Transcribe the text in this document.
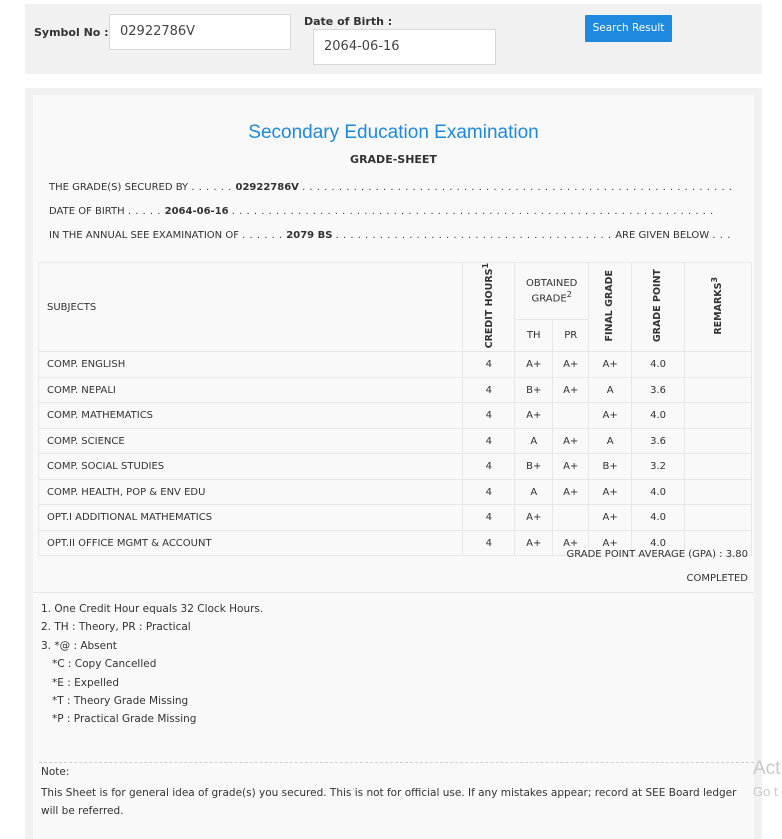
Symbol No : 02922786V
Date of Birth :
2064-06-16
Search Result
Secondary Education Examination
GRADE-SHEET
THE GRADE(S) SECURED BY . . . . . . 02922786V . . . . . . . . . . . . . . . . . . . . . . . . . . . . . . . . . . . . . . . . . . . . . . . . . . . . . . . . . . .
DATE OF BIRTH . . . . . 2064-06-16 . . . . . . . . . . . . . . . . . . . . . . . . . . . . . . . . . . . . . . . . . . . . . . . . . . . . . . . . . . . . . . . . . .
IN THE ANNUAL SEE EXAMINATION OF . . . . . . 2079 BS . . . . . . . . . . . . . . . . . . . . . . . . . . . . . . . . . . . . . . ARE GIVEN BELOW . . .
SUBJECTS	CREDIT HOURS$^1$	OBTAINED GRADE$^2$		FINAL GRADE	GRADE POINT	REMARKS$^3$
		TH	PR			
COMP. ENGLISH	4	A+	A+	A+	4.0	
COMP. NEPALI	4	B+	A+	A	3.6	
COMP. MATHEMATICS	4	A+		A+	4.0	
COMP. SCIENCE	4	A	A+	A	3.6	
COMP. SOCIAL STUDIES	4	B+	A+	B+	3.2	
COMP. HEALTH, POP & ENV EDU	4	A	A+	A+	4.0	
OPT.I ADDITIONAL MATHEMATICS	4	A+		A+	4.0	
OPT.II OFFICE MGMT & ACCOUNT	4	A+	A+	A+	4.0	
GRADE POINT AVERAGE (GPA) : 3.80
COMPLETED
1. One Credit Hour equals 32 Clock Hours.
2. TH : Theory, PR : Practical
3. *@ : Absent
*C : Copy Cancelled
*E : Expelled
*T : Theory Grade Missing
*P : Practical Grade Missing
Note:
This Sheet is for general idea of grade(s) you secured. This is not for official use. If any mistakes appear; record at SEE Board ledger will be referred.
Act
Go t
